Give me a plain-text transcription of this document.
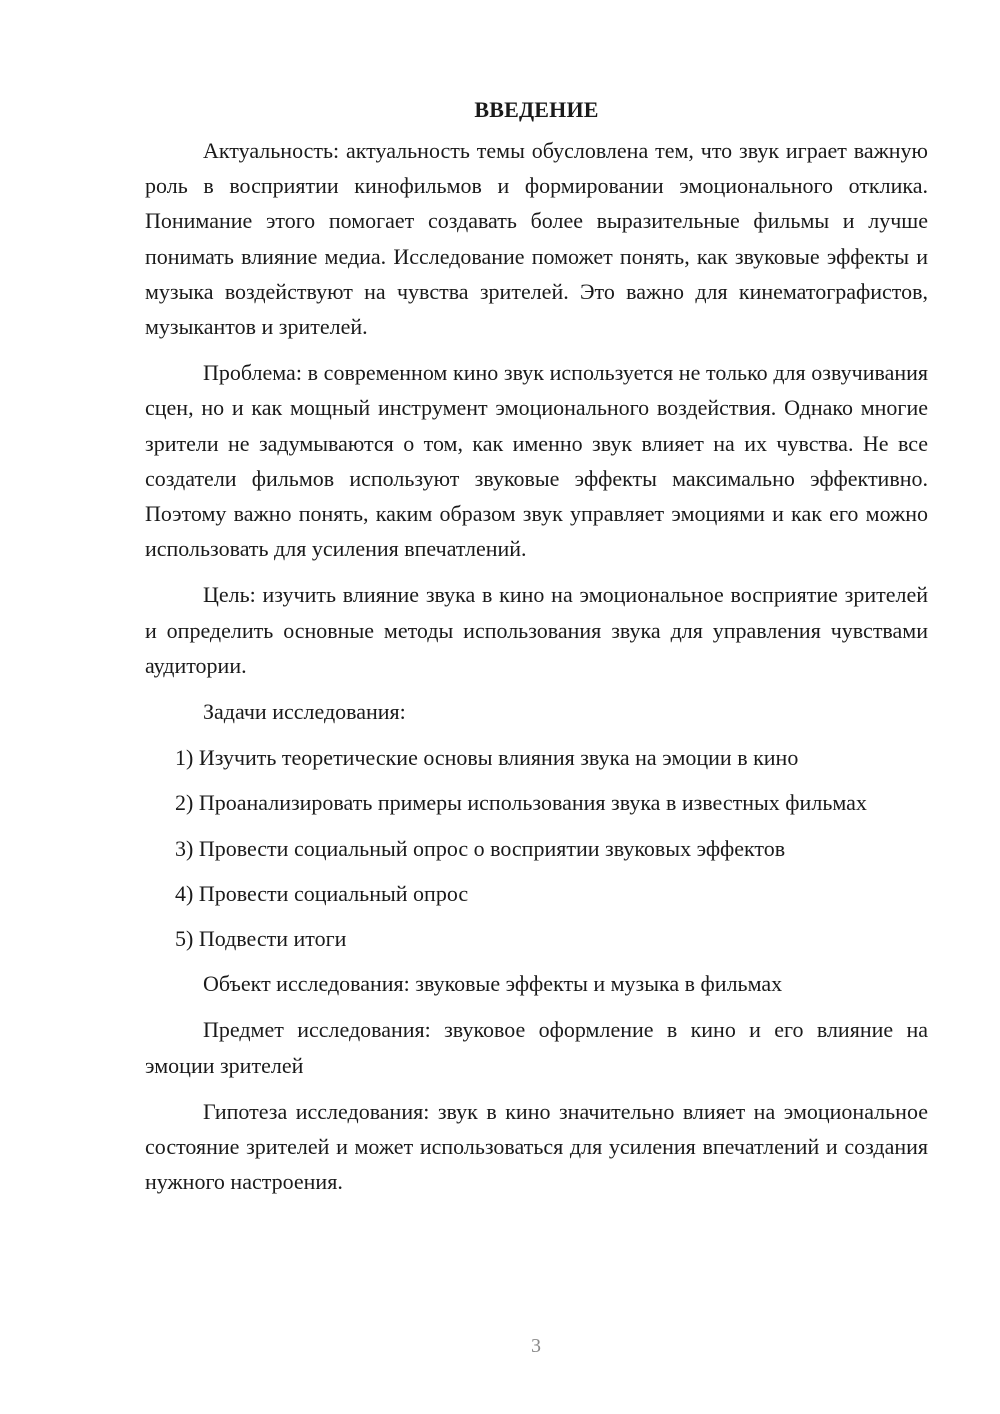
ВВЕДЕНИЕ

Актуальность: актуальность темы обусловлена тем, что звук играет важную роль в восприятии кинофильмов и формировании эмоционального отклика. Понимание этого помогает создавать более выразительные фильмы и лучше понимать влияние медиа. Исследование поможет понять, как звуковые эффекты и музыка воздействуют на чувства зрителей. Это важно для кинематографистов, музыкантов и зрителей.

Проблема: в современном кино звук используется не только для озвучивания сцен, но и как мощный инструмент эмоционального воздействия. Однако многие зрители не задумываются о том, как именно звук влияет на их чувства. Не все создатели фильмов используют звуковые эффекты максимально эффективно. Поэтому важно понять, каким образом звук управляет эмоциями и как его можно использовать для усиления впечатлений.

Цель: изучить влияние звука в кино на эмоциональное восприятие зрителей и определить основные методы использования звука для управления чувствами аудитории.

Задачи исследования:

1) Изучить теоретические основы влияния звука на эмоции в кино

2) Проанализировать примеры использования звука в известных фильмах

3) Провести социальный опрос о восприятии звуковых эффектов

4) Провести социальный опрос

5) Подвести итоги

Объект исследования: звуковые эффекты и музыка в фильмах

Предмет исследования: звуковое оформление в кино и его влияние на эмоции зрителей

Гипотеза исследования: звук в кино значительно влияет на эмоциональное состояние зрителей и может использоваться для усиления впечатлений и создания нужного настроения.

3
